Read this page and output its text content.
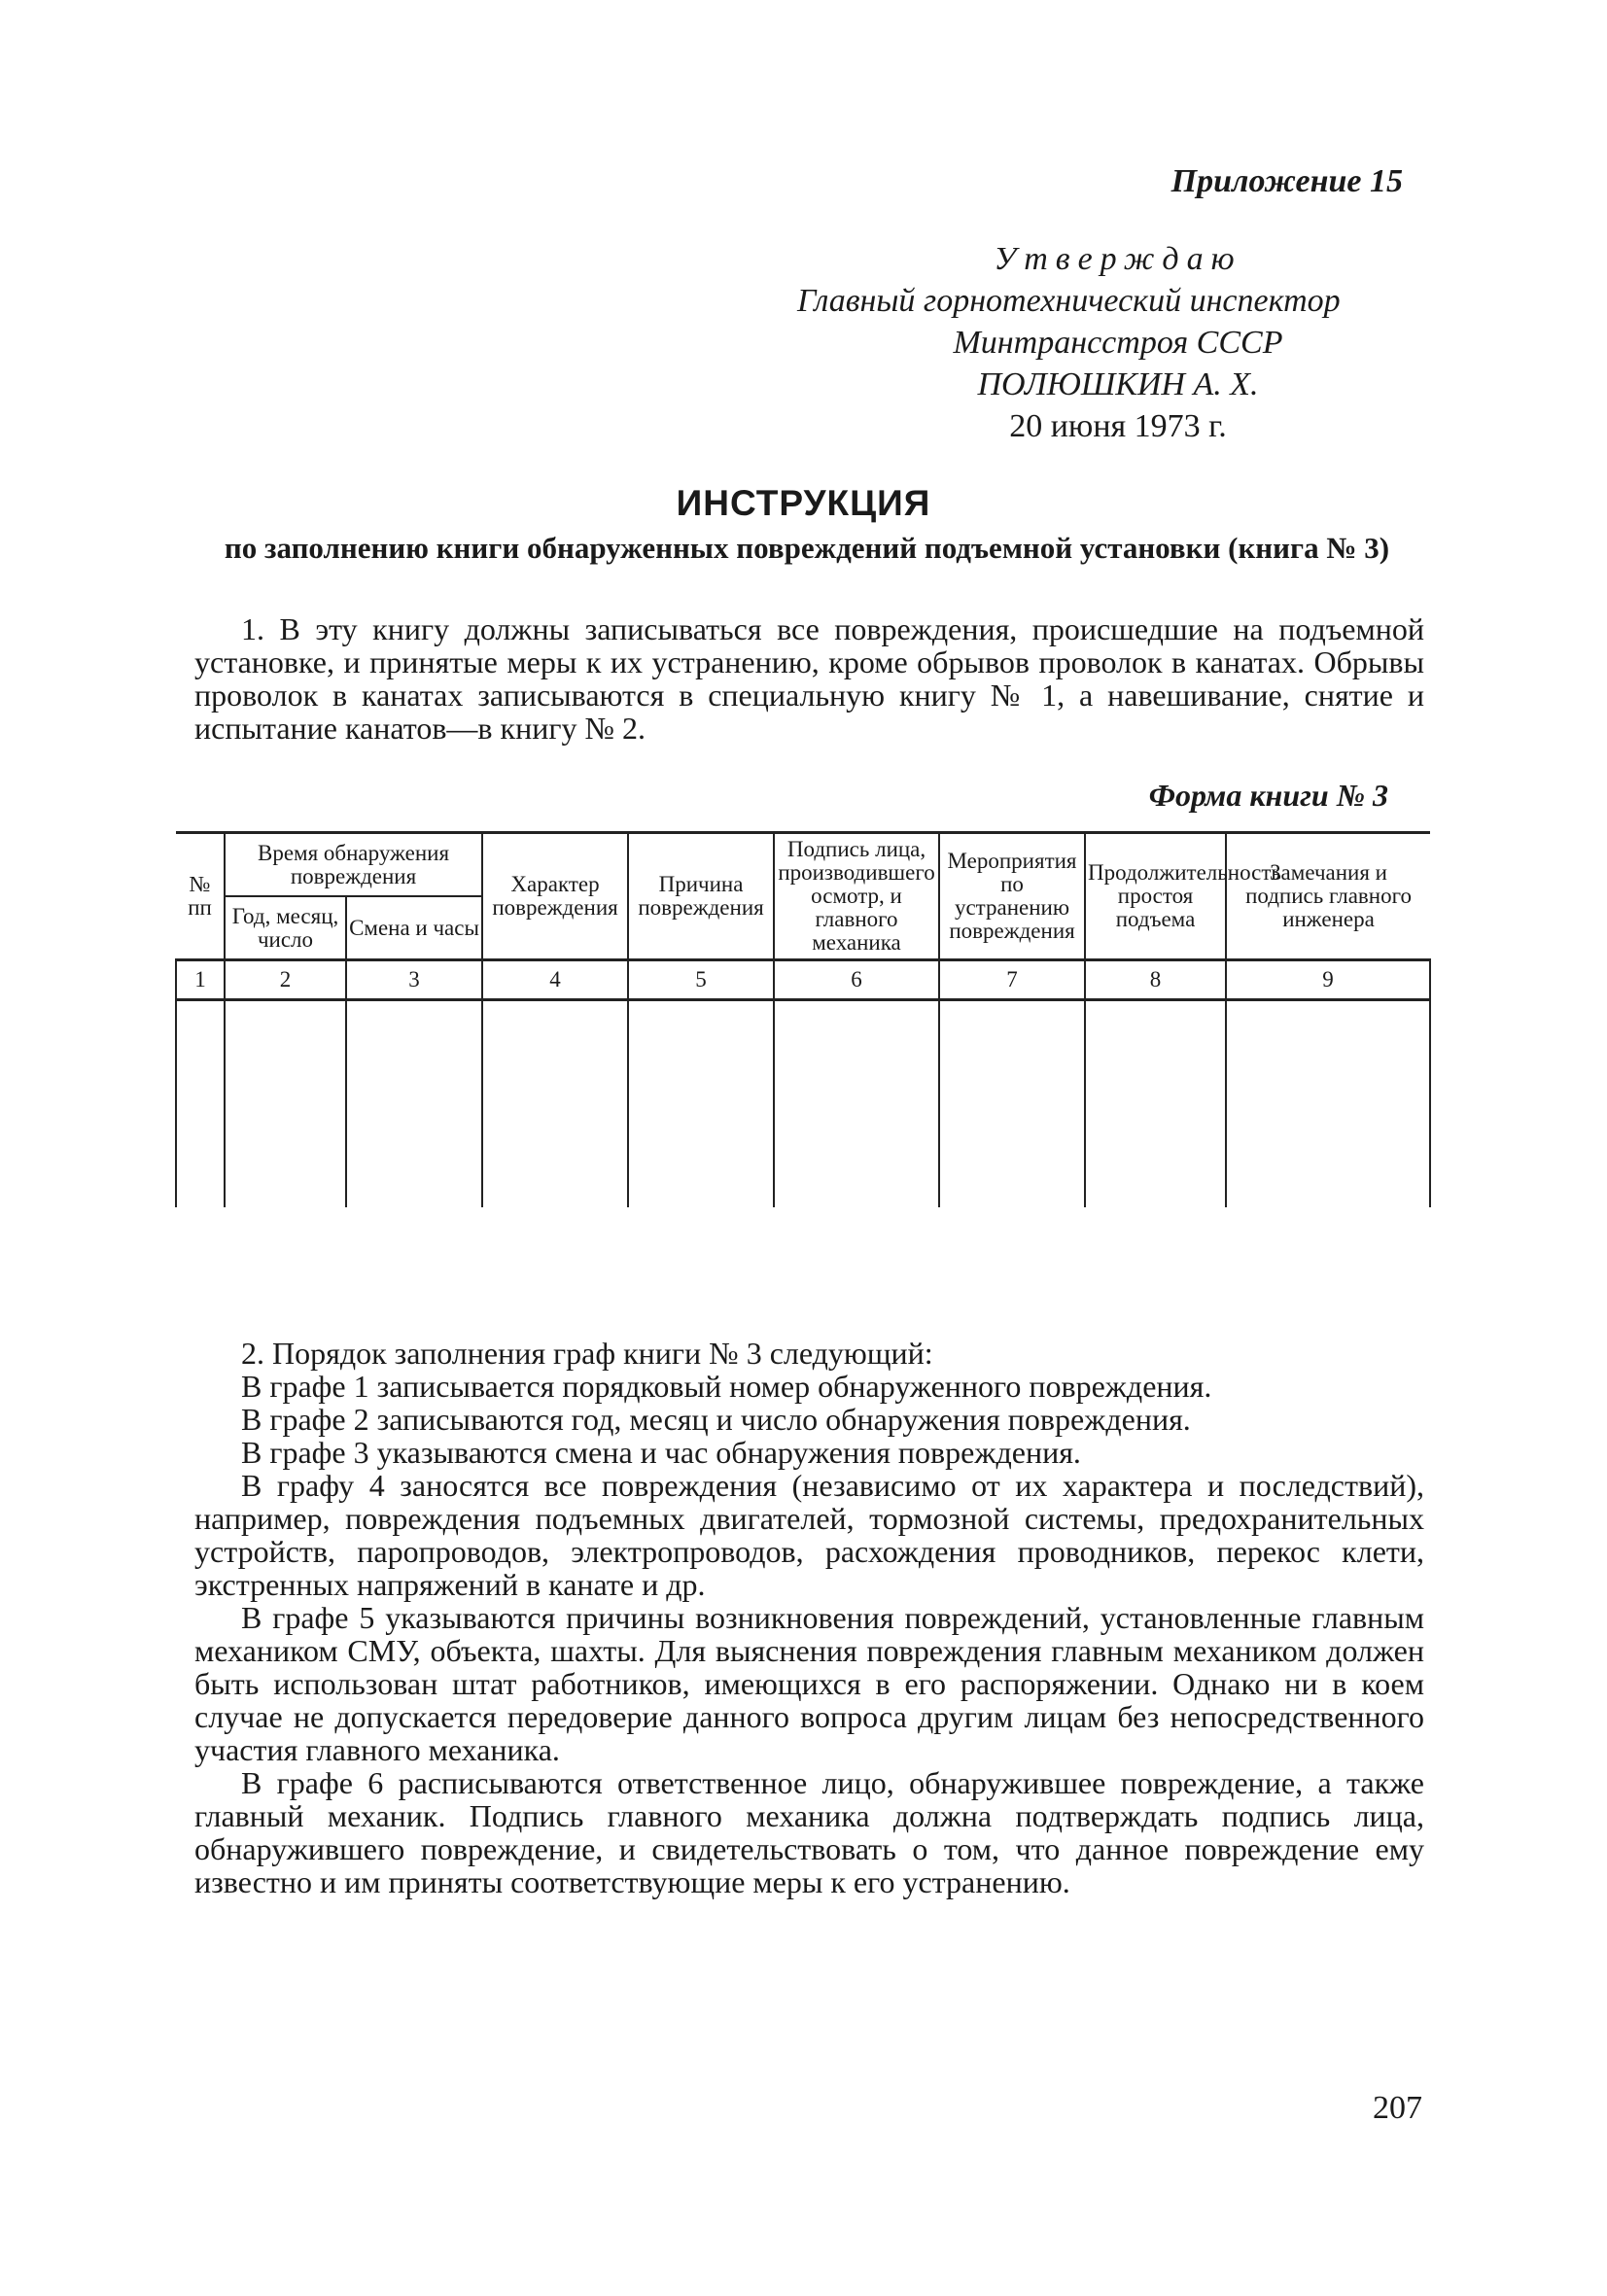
Приложение 15
Утверждаю
Главный горнотехнический инспектор
Минтрансстроя СССР
ПОЛЮШКИН А. Х.
20 июня 1973 г.
ИНСТРУКЦИЯ
по заполнению книги обнаруженных повреждений подъемной установки (книга № 3)

1. В эту книгу должны записываться все повреждения, происшедшие на подъемной установке, и принятые меры к их устранению, кроме обрывов проволок в канатах. Обрывы проволок в канатах записываются в специальную книгу № 1, а навешивание, снятие и испытание канатов—в книгу № 2.

Форма книги № 3
№ пп	Время обнаружения повреждения		Характер повреждения	Причина повреждения	Подпись лица, производившего осмотр, и главного механика	Мероприятия по устранению повреждения	Продолжительность простоя подъема	Замечания и подпись главного инженера
	Год, месяц, число	Смена и часы						
1	2	3	4	5	6	7	8	9

2. Порядок заполнения граф книги № 3 следующий:

В графе 1 записывается порядковый номер обнаруженного повреждения.

В графе 2 записываются год, месяц и число обнаружения повреждения.

В графе 3 указываются смена и час обнаружения повреждения.

В графу 4 заносятся все повреждения (независимо от их характера и последствий), например, повреждения подъемных двигателей, тормозной системы, предохранительных устройств, паропроводов, электропроводов, расхождения проводников, перекос клети, экстренных напряжений в канате и др.

В графе 5 указываются причины возникновения повреждений, установленные главным механиком СМУ, объекта, шахты. Для выяснения повреждения главным механиком должен быть использован штат работников, имеющихся в его распоряжении. Однако ни в коем случае не допускается передоверие данного вопроса другим лицам без непосредственного участия главного механика.

В графе 6 расписываются ответственное лицо, обнаружившее повреждение, а также главный механик. Подпись главного механика должна подтверждать подпись лица, обнаружившего повреждение, и свидетельствовать о том, что данное повреждение ему известно и им приняты соответствующие меры к его устранению.

207
